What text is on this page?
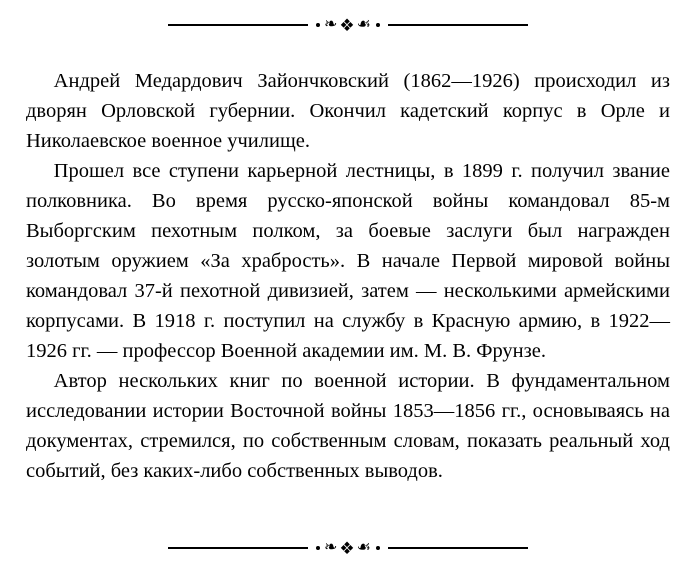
❧ ❖ ☙

Андрей Медардович Зайончковский (1862—1926) происходил из дворян Орловской губернии. Окончил кадетский корпус в Орле и Николаевское военное училище.

Прошел все ступени карьерной лестницы, в 1899 г. получил звание полковника. Во время русско-японской войны командовал 85-м Выборгским пехотным полком, за боевые заслуги был награжден золотым оружием «За храбрость». В начале Первой мировой войны командовал 37-й пехотной дивизией, затем — несколькими армейскими корпусами. В 1918 г. поступил на службу в Красную армию, в 1922—1926 гг. — профессор Военной академии им. М. В. Фрунзе.

Автор нескольких книг по военной истории. В фундаментальном исследовании истории Восточной войны 1853—1856 гг., основываясь на документах, стремился, по собственным словам, показать реальный ход событий, без каких-либо собственных выводов.

❧ ❖ ☙
